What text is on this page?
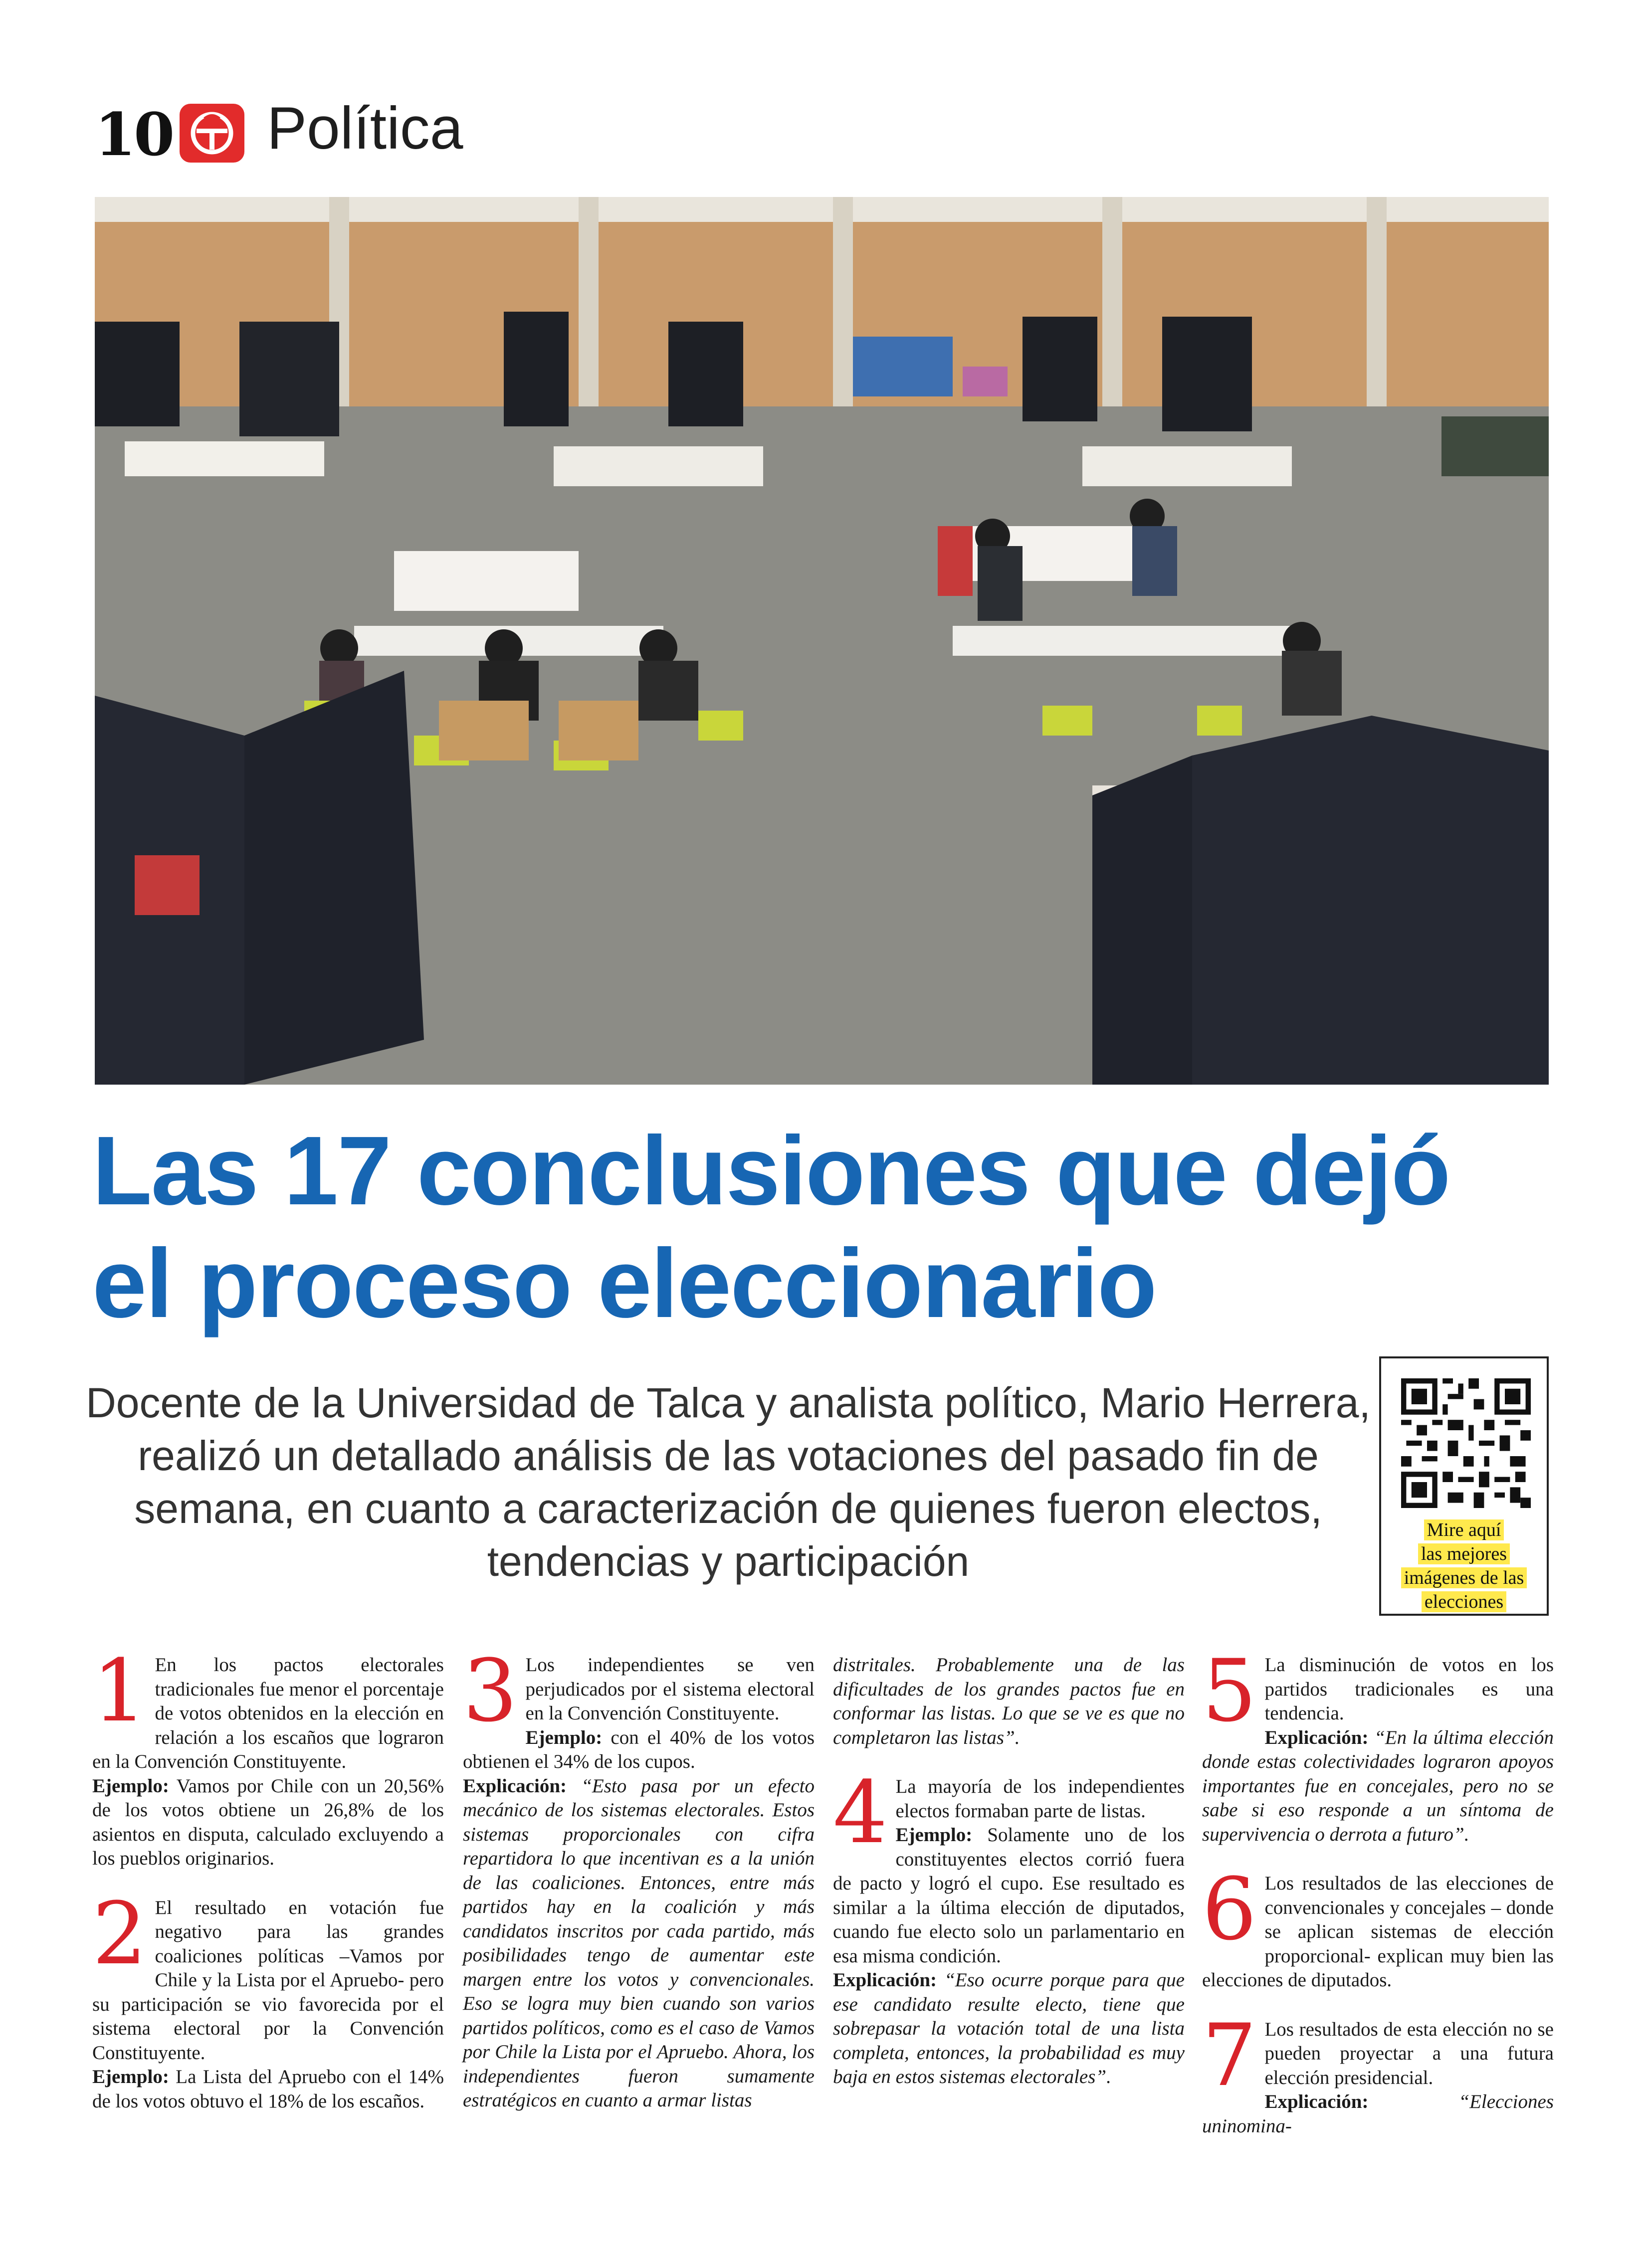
10 Política
Las 17 conclusiones que dejó
el proceso eleccionario
Docente de la Universidad de Talca y analista político, Mario Herrera, realizó un detallado análisis de las votaciones del pasado fin de semana, en cuanto a caracterización de quienes fueron electos, tendencias y participación
Mire aquí
las mejores
imágenes de las
elecciones
1 En los pactos electorales tradicionales fue menor el porcentaje de votos obtenidos en la elección en relación a los escaños que lograron en la Convención Constituyente.
Ejemplo: Vamos por Chile con un 20,56% de los votos obtiene un 26,8% de los asientos en disputa, calculado excluyendo a los pueblos originarios.

2 El resultado en votación fue negativo para las grandes coaliciones políticas –Vamos por Chile y la Lista por el Apruebo- pero su participación se vio favorecida por el sistema electoral por la Convención Constituyente.
Ejemplo: La Lista del Apruebo con el 14% de los votos obtuvo el 18% de los escaños.

3 Los independientes se ven perjudicados por el sistema electoral en la Convención Constituyente.
Ejemplo: con el 40% de los votos obtienen el 34% de los cupos.
Explicación: “Esto pasa por un efecto mecánico de los sistemas electorales. Estos sistemas proporcionales con cifra repartidora lo que incentivan es a la unión de las coaliciones. Entonces, entre más partidos hay en la coalición y más candidatos inscritos por cada partido, más posibilidades tengo de aumentar este margen entre los votos y convencionales. Eso se logra muy bien cuando son varios partidos políticos, como es el caso de Vamos por Chile la Lista por el Apruebo. Ahora, los independientes fueron sumamente estratégicos en cuanto a armar listas

distritales. Probablemente una de las dificultades de los grandes pactos fue en conformar las listas. Lo que se ve es que no completaron las listas”.

4 La mayoría de los independientes electos formaban parte de listas.
Ejemplo: Solamente uno de los constituyentes electos corrió fuera de pacto y logró el cupo. Ese resultado es similar a la última elección de diputados, cuando fue electo solo un parlamentario en esa misma condición.
Explicación: “Eso ocurre porque para que ese candidato resulte electo, tiene que sobrepasar la votación total de una lista completa, entonces, la probabilidad es muy baja en estos sistemas electorales”.

5 La disminución de votos en los partidos tradicionales es una tendencia.
Explicación: “En la última elección donde estas colectividades lograron apoyos importantes fue en concejales, pero no se sabe si eso responde a un síntoma de supervivencia o derrota a futuro”.

6 Los resultados de las elecciones de convencionales y concejales – donde se aplican sistemas de elección proporcional- explican muy bien las elecciones de diputados.

7 Los resultados de esta elección no se pueden proyectar a una futura elección presidencial.
Explicación: “Elecciones uninomina-
